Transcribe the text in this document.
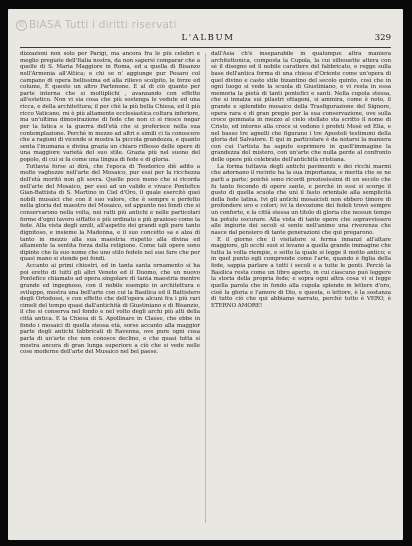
© BiASA Tutti i diritti riservati
L'ALBUM	329

dizzazioni non solo per Parigi, ma ancora fra le più celebri e meglio pregiate dell'Italia nostra, da non sapersi comparar che a quelle di S. Maria Maggiore in Roma, ed a quella di Bisanzo nell'Armenia all'Attica; e chi se n' aggiunge pur Pesaro col campano di opera bellissima ed alla rilievo scolpito, le forze ed colume, È questo un altro Partenone. E al di ciò quanto per parte interna che si moltiplichi , avanzando con effetto all'estetico. Non vi sia cosa che più sostenga le vedute ed una ricca, e della architettura; il per chè la più bella Chiesa, ed il più ricco Vaticano, mi è più altamente ecclesiastica coltura inferiore, ma un'ultima dimostrazione di fede che non ci si riesce negar per la fatica e la guerra dell'età che si proferisce nella sua contemplazione. Perchè in mezzo ad altri e simili ci fa conoscere che a ragioni di vicende si mostra la piccola grandezza, e quanto senta l'inumana e divina grazia un chiaro riflesso delle opere di una maggiore varietà del suo stile. Grazia più nel suono del popolo, di cui si fa come una lingua di fede e di gloria.

Tuttavia forse ai dirà, che l'epoca di Teodorico diè adito a molte vaghezze nell'arte del Mosaico, pur essi per la ricchezza dell'età moritò non gli sovra. Quelle poco meno che si ricorda nell'arte del Mosaico, per essi ad un valido e vivace Pontefice Gian-Battista di S. Martino in Ciel d'Oro, il quale esercitò quei nobili musaici che con il suo valore, che è sempre e perfetto nella gloria del maestro del Mosaico, ed appunto nei fondi che si conservarono nella volta, nei ratti più antichi e nelle particolari forme d'ogni lavoro siffatto e più ordinato e più grazioso come la fede. Alla vista degli umili, all'aspetto dei grandi egli pure tanto dignitoso, e insieme la Madonna, e il suo concetto sa e alza di tanto in mezzo alla sua maestria rispetto alla divina ed altamente la sentita forza della religione. Come tali opere sono dipinte che fa suo nome che uno stilo fedele nel suo fare che per quasi mano si stende pei fondi.

Accanto ai primi chiostri, ed in tanta santa ornamento si ha poi eretto di tutti gli altri Veneto ed il Duomo, che un nuovo Pontefice chiamato ad opera singolare di tanta maestria mentre grande ed ingegnoso, con il nobile esempio in architettura e sviluppo, mostra una bell'arte con cui la Basilica ed il Battistero degli Ortodossi, e con effetto che dell'opera alcuni fra i più rari cimeli del tempo quasi dall'antichità di Giustiniano e di Bisanzio, il che si conserva nel fondo e nel volto degli archi più alti della città antica. E la Chiesa di S. Apollinare in Classe, che ebbe in fondo i mosaici di quella stessa età, sorse accanto alla maggior parte degli antichi fabbricati di Ravenna, ove pure ogni cosa parla di un'arte che non conosce declino, e che quasi tutta si mostra ancora di gran lunga superiore a ciò che si vede nelle cose moderne dell'arte del Musaico nel bel paese.

dall'Asia ch'è inseparabile in qualunque altra maniera architettonica, composta la Cupola, la cui silhouette altera con sè il disegno ed il nobile carattere del fabbricato, e regge sulla base dell'antica forma di una chiesa d'Oriente come un'opera di quel divino e casto stile bizantino del secolo quinto, così che in ogni luogo si vede la scuola di Giustiniano, e vi resta in essa memoria la pietà di tanti pontefici e santi. Nella cupola stessa, che si innalza sui pilastri ottagoni, si ammira, come è noto, il grande e splendido mosaico della Trasfigurazione del Signore, opera rara e di gran pregio per la sua conservazione, ove sulla croce gemmata in mezzo al cielo stellato sta scritto il nome di Cristo, ed intorno alla croce si vedono i profeti Mosè ed Elia, e nel basso tre agnelli che figurano i tre Apostoli testimoni della gloria del Salvatore. E qui in particolare è da notarsi la maniera con cui l'artista ha saputo esprimere in quell'immagine la grandezza del mistero, con un'arte che nulla perde al confronto delle opere più celebrate dell'antichità cristiana.

La forma tuttavia degli antichi pavimenti e dei ricchi marmi che adornano il recinto ha la sua importanza, e merita che se ne parli a parte; poichè sono ricordi preziosissimi di un secolo che fu tanto fecondo di opere sante, e perchè in essi si scorge il gusto di quella scuola che unì il fasto orientale alla semplicità della fede latina. Ivi gli antichi mosaicisti non ebbero timore di profondere oro e colori; ivi la devozione dei fedeli trovò sempre un conforto, e la città stessa un titolo di gloria che nessun tempo ha potuto oscurare. Alla vista di tante opere che sopravvissero alle ingiurie dei secoli si sente nell'animo una riverenza che nasce dal pensiero di tante generazioni che qui pregarono.

E il giorno che il visitatore si ferma innanzi all'altare maggiore, gli occhi suoi si levano a quella grande immagine che tutta la volta riempie, e sotto la quale si legge il motto antico; e in quel punto egli comprende come l'arte, quando è figlia della fede, sappia parlare a tutti i secoli e a tutte le genti. Perciò la Basilica resta come un libro aperto, in cui ciascuno può leggere la storia della propria fede; e sopra ogni altra cosa vi si legge quella parola che in fondo alla cupola splende in lettere d'oro, cioè la gloria e l'amore di Dio, e questa, o lettore, è la sostanza di tutto ciò che qui abbiamo narrato, perchè tutto è VERO, è ETERNO AMORE!
